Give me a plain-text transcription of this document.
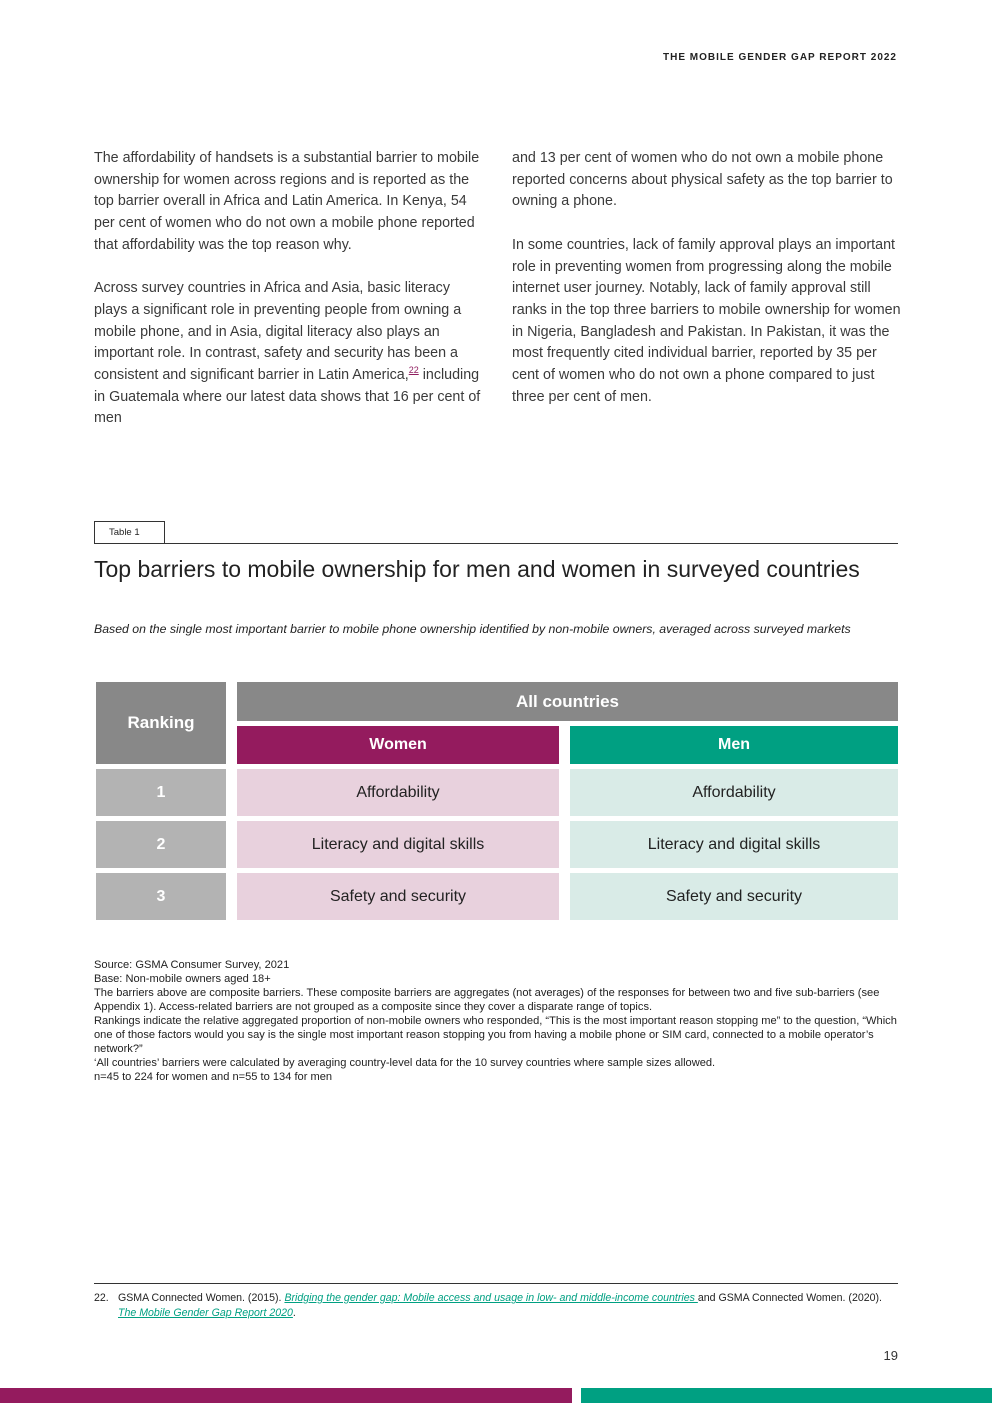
THE MOBILE GENDER GAP REPORT 2022

The affordability of handsets is a substantial barrier to mobile ownership for women across regions and is reported as the top barrier overall in Africa and Latin America. In Kenya, 54 per cent of women who do not own a mobile phone reported that affordability was the top reason why.

Across survey countries in Africa and Asia, basic literacy plays a significant role in preventing people from owning a mobile phone, and in Asia, digital literacy also plays an important role. In contrast, safety and security has been a consistent and significant barrier in Latin America,$^{22}$ including in Guatemala where our latest data shows that 16 per cent of men

and 13 per cent of women who do not own a mobile phone reported concerns about physical safety as the top barrier to owning a phone.

In some countries, lack of family approval plays an important role in preventing women from progressing along the mobile internet user journey. Notably, lack of family approval still ranks in the top three barriers to mobile ownership for women in Nigeria, Bangladesh and Pakistan. In Pakistan, it was the most frequently cited individual barrier, reported by 35 per cent of women who do not own a phone compared to just three per cent of men.

Table 1
Top barriers to mobile ownership for men and women in surveyed countries

Based on the single most important barrier to mobile phone ownership identified by non-mobile owners, averaged across surveyed markets

Ranking
All countries
Women	Men
1	Affordability	Affordability
2	Literacy and digital skills	Literacy and digital skills
3	Safety and security	Safety and security
Source: GSMA Consumer Survey, 2021
Base: Non-mobile owners aged 18+
The barriers above are composite barriers. These composite barriers are aggregates (not averages) of the responses for between two and five sub-barriers (see Appendix 1). Access-related barriers are not grouped as a composite since they cover a disparate range of topics.
Rankings indicate the relative aggregated proportion of non-mobile owners who responded, “This is the most important reason stopping me” to the question, “Which one of those factors would you say is the single most important reason stopping you from having a mobile phone or SIM card, connected to a mobile operator’s network?”
‘All countries’ barriers were calculated by averaging country-level data for the 10 survey countries where sample sizes allowed.
n=45 to 224 for women and n=55 to 134 for men
22. GSMA Connected Women. (2015). Bridging the gender gap: Mobile access and usage in low- and middle-income countries and GSMA Connected Women. (2020). The Mobile Gender Gap Report 2020.
19
